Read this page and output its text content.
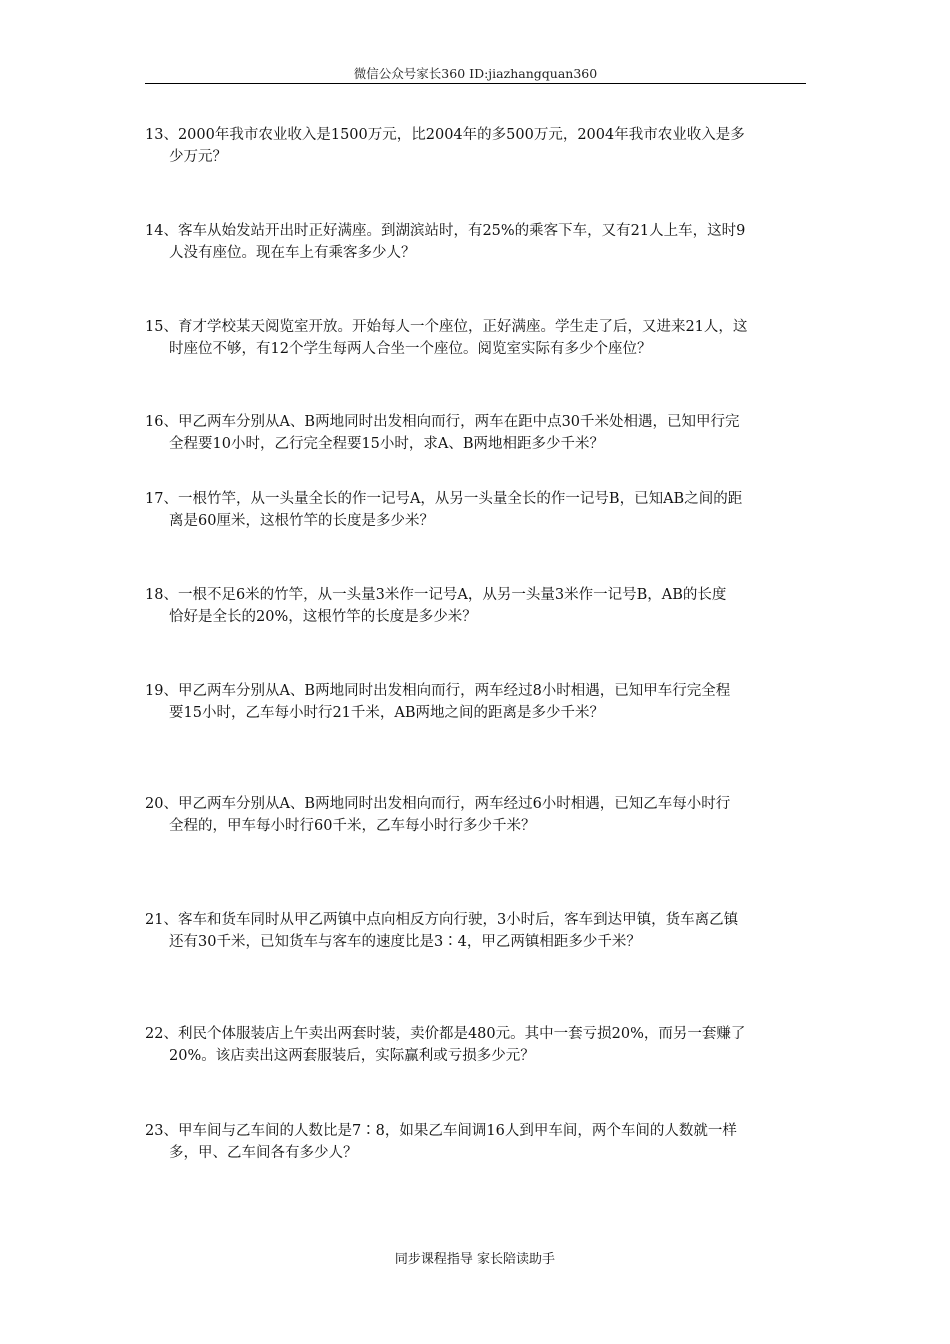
微信公众号家长360 ID:jiazhangquan360
13、2000年我市农业收入是1500万元，比2004年的多500万元，2004年我市农业收入是多
少万元？
14、客车从始发站开出时正好满座。到湖滨站时，有25%的乘客下车，又有21人上车，这时9
人没有座位。现在车上有乘客多少人？
15、育才学校某天阅览室开放。开始每人一个座位，正好满座。学生走了后，又进来21人，这
时座位不够，有12个学生每两人合坐一个座位。阅览室实际有多少个座位？
16、甲乙两车分别从A、B两地同时出发相向而行，两车在距中点30千米处相遇，已知甲行完
全程要10小时，乙行完全程要15小时，求A、B两地相距多少千米？
17、一根竹竿，从一头量全长的作一记号A，从另一头量全长的作一记号B，已知AB之间的距
离是60厘米，这根竹竿的长度是多少米？
18、一根不足6米的竹竿，从一头量3米作一记号A，从另一头量3米作一记号B，AB的长度
恰好是全长的20%，这根竹竿的长度是多少米？
19、甲乙两车分别从A、B两地同时出发相向而行，两车经过8小时相遇，已知甲车行完全程
要15小时，乙车每小时行21千米，AB两地之间的距离是多少千米？
20、甲乙两车分别从A、B两地同时出发相向而行，两车经过6小时相遇，已知乙车每小时行
全程的，甲车每小时行60千米，乙车每小时行多少千米？
21、客车和货车同时从甲乙两镇中点向相反方向行驶，3小时后，客车到达甲镇，货车离乙镇
还有30千米，已知货车与客车的速度比是3∶4，甲乙两镇相距多少千米？
22、利民个体服装店上午卖出两套时装，卖价都是480元。其中一套亏损20%，而另一套赚了
20%。该店卖出这两套服装后，实际赢利或亏损多少元？
23、甲车间与乙车间的人数比是7∶8，如果乙车间调16人到甲车间，两个车间的人数就一样
多，甲、乙车间各有多少人？
同步课程指导 家长陪读助手
